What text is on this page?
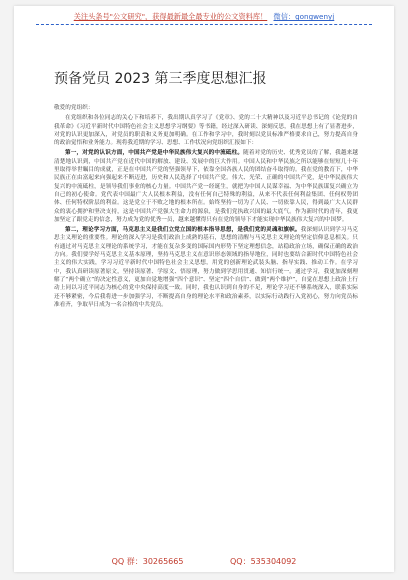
关注头条号"公文研究"，获得最新最全最专业的公文资料库！ 微信：gongwenyj
预备党员 2023 第三季度思想汇报

敬爱的党组织：

在党组织和各位同志的关心下和培养下，我出期认真学习了《党章》、党的二十大精神以及习近平总书记的《论党的自我革命》《习近平新时代中国特色社会主义思想学习纲要》等书籍，经过深入研读、深刻反思，我在思想上有了显著进步，对党的认识更加深入，对党员的职责和义务更加明确。在工作和学习中，我时刻以党员标准严格要求自己，努力提高自身的政治觉悟和业务能力。现将我近期的学习、思想、工作状况向党组织汇报如下：

第一，对党的认识方面，中国共产党是中华民族伟大复兴的中流砥柱。随着对党的历史、优秀党员的了解，我越来越清楚地认识到，中国共产党在近代中国的解放、建设、发展中的巨大作用。中国人民和中华民族之所以能够在短短几十年里取得举世瞩目的成就，正是在中国共产党的坚强领导下，依靠全国各族人民的团结奋斗取得的。我在党的教育下，中华民族正在由富起来向强起来不断迈进，历史和人民选择了中国共产党。伟大、光荣、正确的中国共产党，是中华民族伟大复兴的中流砥柱，是领导我们事业的核心力量。中国共产党一经诞生，就把为中国人民谋幸福、为中华民族谋复兴确立为自己的初心使命。党代表中国最广大人民根本利益，没有任何自己特殊的利益，从来不代表任何利益集团、任何权势团体、任何特权阶层的利益。这是党立于不败之地的根本所在。始终坚持一切为了人民、一切依靠人民，得到最广大人民群众的衷心拥护和坚决支持，这是中国共产党强大生命力的源泉，是我们党执政兴国的最大底气。作为新时代的青年，我更加坚定了跟党走的信念，努力成为党的优秀一员，越来越懂得只有在党的领导下才能实现中华民族伟大复兴的中国梦。

第二，理论学习方面，马克思主义是我们立党立国的根本指导思想，是我们党的灵魂和旗帜。我深刻认识到学习马克思主义理论的重要性。理论的深入学习是我们政治上成熟的基石，思想的清醒与马克思主义理论的坚定信仰息息相关。只有通过对马克思主义理论的系统学习，才能在复杂多变的国际国内形势下坚定理想信念，站稳政治立场，确保正确的政治方向。我们要学好马克思主义基本原理，坚持马克思主义在意识形态领域的指导地位，同时也要结合新时代中国特色社会主义的伟大实践，学习习近平新时代中国特色社会主义思想，用党的创新理论武装头脑、指导实践、推动工作。在学习中，我认真研读原著原文，坚持读原著、学原文、悟原理，努力做到学思用贯通、知信行统一。通过学习，我更加深刻理解了“两个确立”的决定性意义，更加自觉地增强“四个意识”、坚定“四个自信”、做到“两个维护”，自觉在思想上政治上行动上同以习近平同志为核心的党中央保持高度一致。同时，我也认识到自身的不足，理论学习还不够系统深入，联系实际还不够紧密，今后我将进一步加强学习，不断提高自身的理论水平和政治素养，以实际行动践行入党初心，努力向党员标准看齐，争取早日成为一名合格的中共党员。

QQ 群：30265665	QQ：535304092
